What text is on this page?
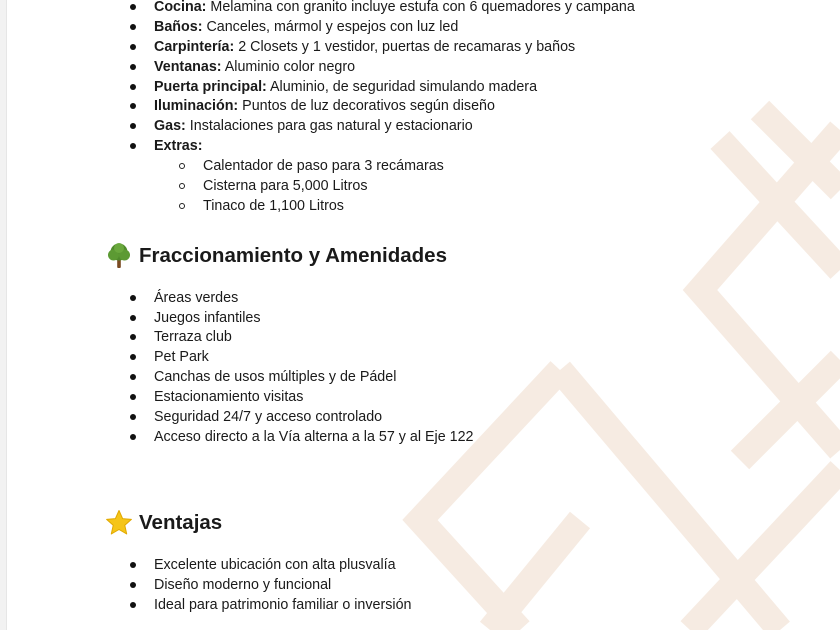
Cocina: Melamina con granito incluye estufa con 6 quemadores y campana
Baños: Canceles, mármol y espejos con luz led
Carpintería: 2 Closets y 1 vestidor, puertas de recamaras y baños
Ventanas: Aluminio color negro
Puerta principal: Aluminio, de seguridad simulando madera
Iluminación: Puntos de luz decorativos según diseño
Gas: Instalaciones para gas natural y estacionario
Extras:
Calentador de paso para 3 recámaras
Cisterna para 5,000 Litros
Tinaco de 1,100 Litros
Fraccionamiento y Amenidades
Áreas verdes
Juegos infantiles
Terraza club
Pet Park
Canchas de usos múltiples y de Pádel
Estacionamiento visitas
Seguridad 24/7 y acceso controlado
Acceso directo a la Vía alterna a la 57 y al Eje 122
Ventajas
Excelente ubicación con alta plusvalía
Diseño moderno y funcional
Ideal para patrimonio familiar o inversión
